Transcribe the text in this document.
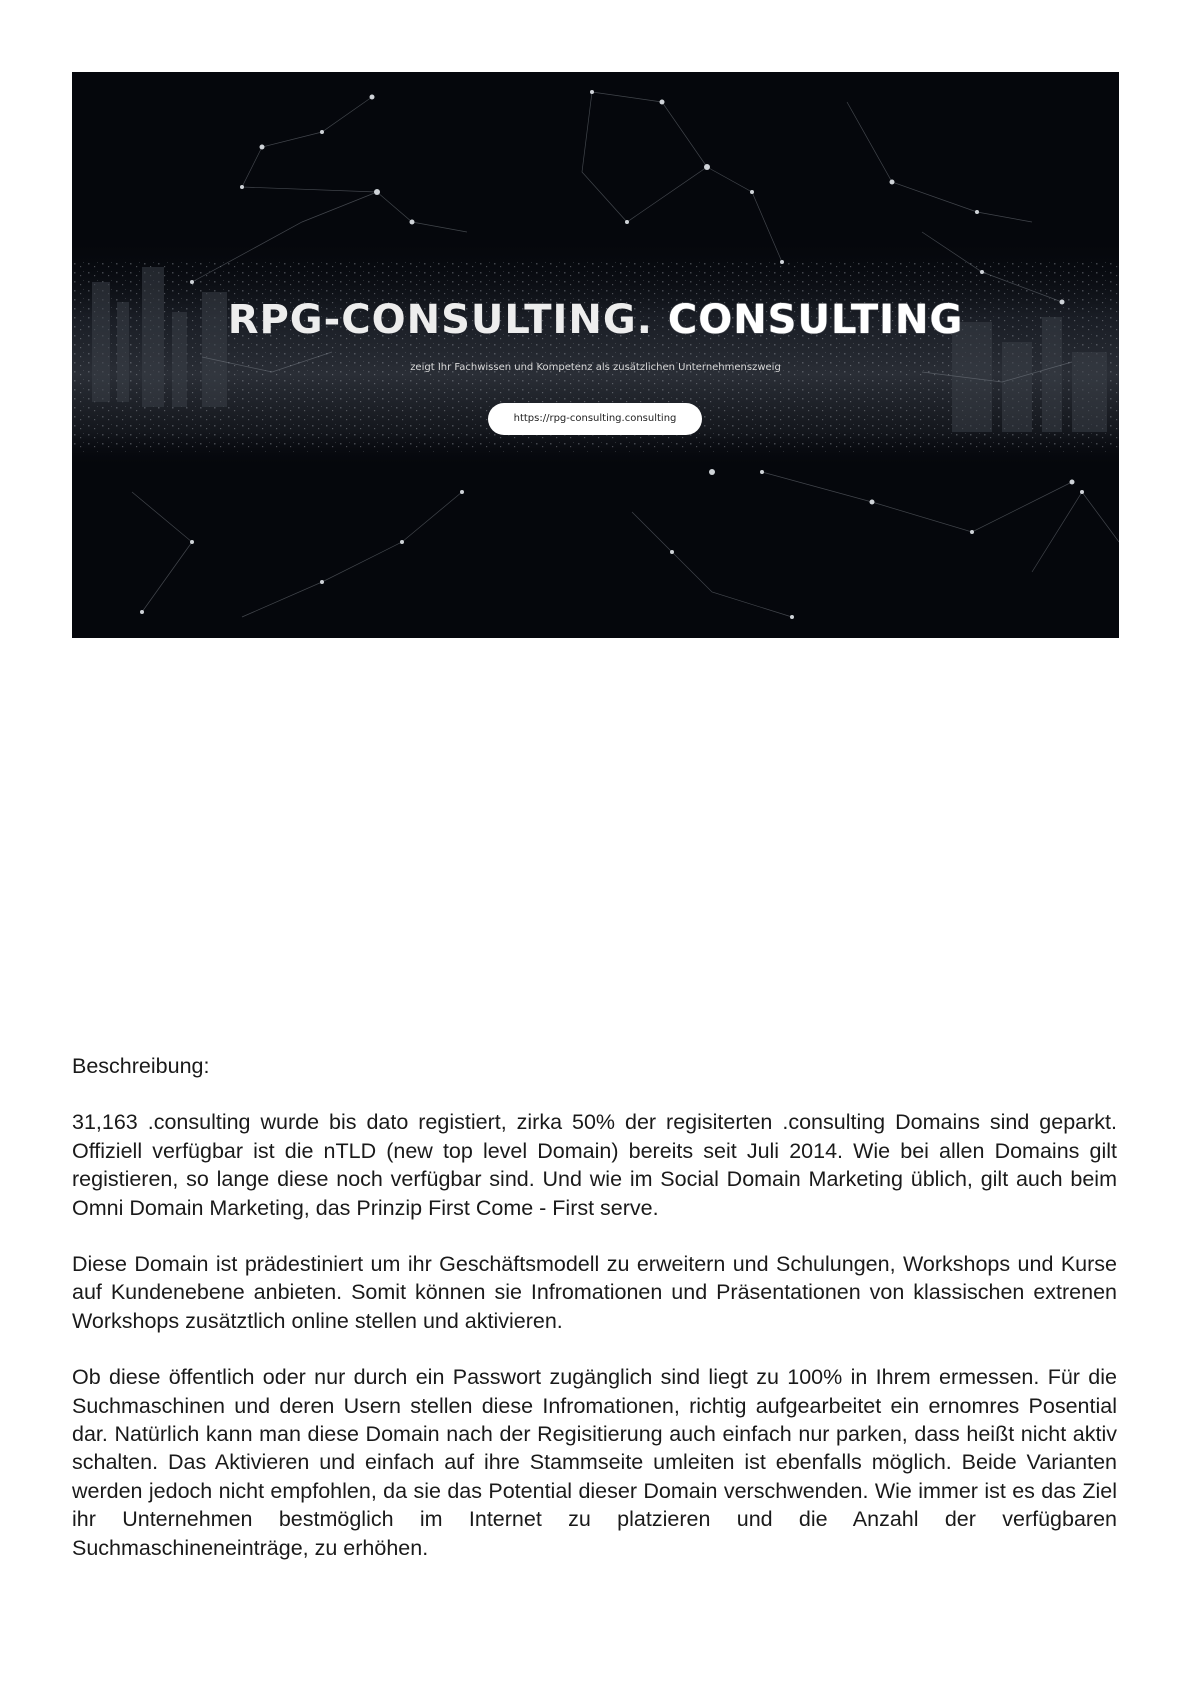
RPG-CONSULTING. CONSULTING
zeigt Ihr Fachwissen und Kompetenz als zusätzlichen Unternehmenszweig
https://rpg-consulting.consulting
Beschreibung:

31,163 .consulting wurde bis dato registiert, zirka 50% der regisiterten .consulting Domains sind geparkt. Offiziell verfügbar ist die nTLD (new top level Domain) bereits seit Juli 2014. Wie bei allen Domains gilt registieren, so lange diese noch verfügbar sind. Und wie im Social Domain Marketing üblich, gilt auch beim Omni Domain Marketing, das Prinzip First Come - First serve.

Diese Domain ist prädestiniert um ihr Geschäftsmodell zu erweitern und Schulungen, Workshops und Kurse auf Kundenebene anbieten. Somit können sie Infromationen und Präsentationen von klassischen extrenen Workshops zusätztlich online stellen und aktivieren.

Ob diese öffentlich oder nur durch ein Passwort zugänglich sind liegt zu 100% in Ihrem ermessen. Für die Suchmaschinen und deren Usern stellen diese Infromationen, richtig aufgearbeitet ein ernomres Posential dar. Natürlich kann man diese Domain nach der Regisitierung auch einfach nur parken, dass heißt nicht aktiv schalten. Das Aktivieren und einfach auf ihre Stammseite umleiten ist ebenfalls möglich. Beide Varianten werden jedoch nicht empfohlen, da sie das Potential dieser Domain verschwenden. Wie immer ist es das Ziel ihr Unternehmen bestmöglich im Internet zu platzieren und die Anzahl der verfügbaren Suchmaschineneinträge, zu erhöhen.
